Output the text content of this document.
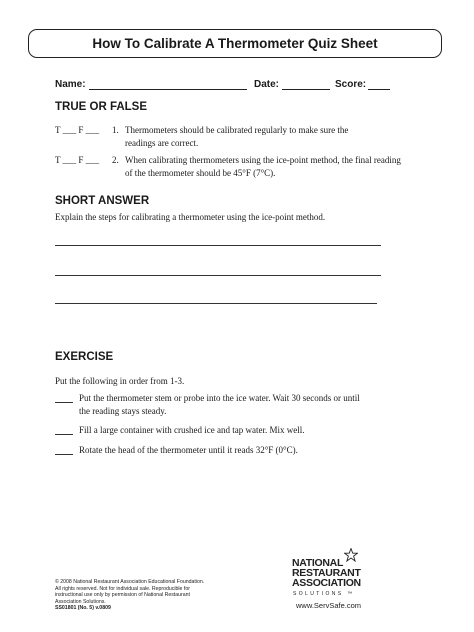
How To Calibrate A Thermometer Quiz Sheet
Name:	Date:	Score:
TRUE OR FALSE
T ___ F ___ 1. Thermometers should be calibrated regularly to make sure the
readings are correct.
T ___ F ___ 2. When calibrating thermometers using the ice-point method, the final reading
of the thermometer should be 45°F (7°C).
SHORT ANSWER
Explain the steps for calibrating a thermometer using the ice-point method.
EXERCISE
Put the following in order from 1-3.
Put the thermometer stem or probe into the ice water. Wait 30 seconds or until
the reading stays steady.
Fill a large container with crushed ice and tap water. Mix well.
Rotate the head of the thermometer until it reads 32°F (0°C).
© 2008 National Restaurant Association Educational Foundation.
All rights reserved. Not for individual sale. Reproducible for
instructional use only by permission of National Restaurant
Association Solutions.
SS01801 (No. 5) v.0809
NATIONAL
RESTAURANT
ASSOCIATION
SOLUTIONS ™
www.ServSafe.com
